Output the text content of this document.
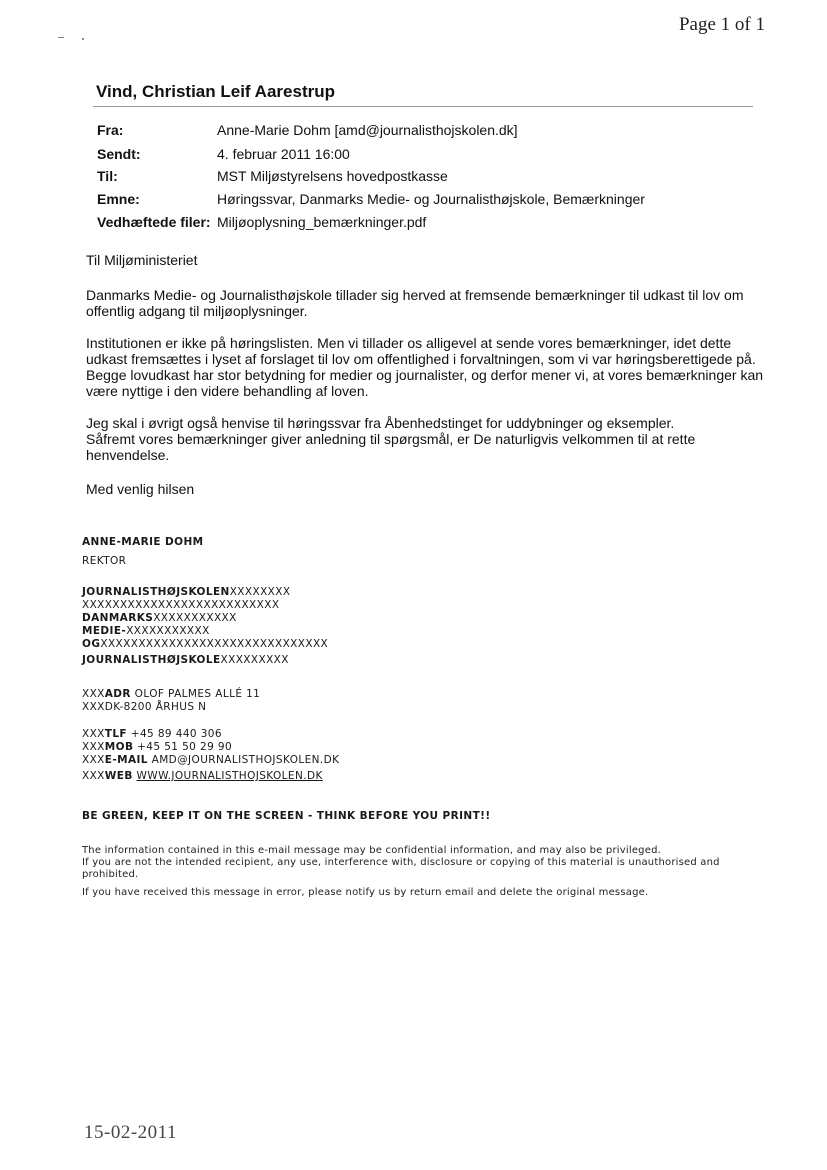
Page 1 of 1
Vind, Christian Leif Aarestrup
Fra:	Anne-Marie Dohm [amd@journalisthojskolen.dk]
Sendt:	4. februar 2011 16:00
Til:	MST Miljøstyrelsens hovedpostkasse
Emne:	Høringssvar, Danmarks Medie- og Journalisthøjskole, Bemærkninger
Vedhæftede filer: Miljøoplysning_bemærkninger.pdf
Til Miljøministeriet

Danmarks Medie- og Journalisthøjskole tillader sig herved at fremsende bemærkninger til udkast til lov om offentlig adgang til miljøoplysninger.

Institutionen er ikke på høringslisten. Men vi tillader os alligevel at sende vores bemærkninger, idet dette udkast fremsættes i lyset af forslaget til lov om offentlighed i forvaltningen, som vi var høringsberettigede på. Begge lovudkast har stor betydning for medier og journalister, og derfor mener vi, at vores bemærkninger kan være nyttige i den videre behandling af loven.

Jeg skal i øvrigt også henvise til høringssvar fra Åbenhedstinget for uddybninger og eksempler.

Såfremt vores bemærkninger giver anledning til spørgsmål, er De naturligvis velkommen til at rette henvendelse.

Med venlig hilsen
ANNE-MARIE DOHM
REKTOR
JOURNALISTHØJSKOLENXXXXXXXX
XXXXXXXXXXXXXXXXXXXXXXXXXX
DANMARKSXXXXXXXXXXX
MEDIE-XXXXXXXXXXX
OGXXXXXXXXXXXXXXXXXXXXXXXXXXXXXX
JOURNALISTHØJSKOLEXXXXXXXXX
XXXADR OLOF PALMES ALLÉ 11
XXXDK-8200 ÅRHUS N
XXXTLF +45 89 440 306
XXXMOB +45 51 50 29 90
XXXE-MAIL AMD@JOURNALISTHOJSKOLEN.DK
XXXWEB WWW.JOURNALISTHOJSKOLEN.DK
BE GREEN, KEEP IT ON THE SCREEN - THINK BEFORE YOU PRINT!!

The information contained in this e-mail message may be confidential information, and may also be privileged.

If you are not the intended recipient, any use, interference with, disclosure or copying of this material is unauthorised and prohibited.

If you have received this message in error, please notify us by return email and delete the original message.

15-02-2011
